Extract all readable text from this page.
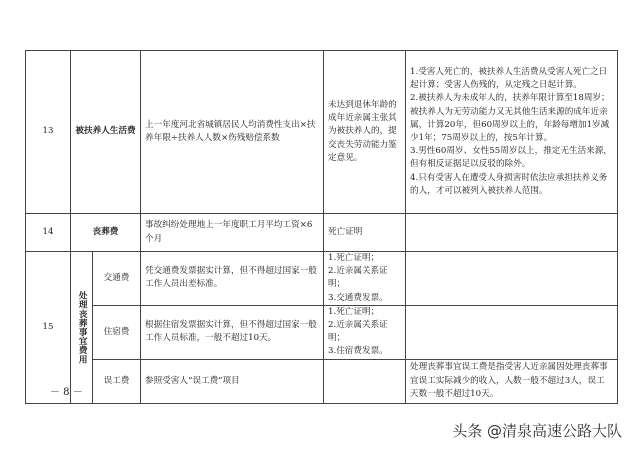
13	被扶养人生活费		上一年度河北省城镇居民人均消费性支出×扶养年限÷扶养人人数×伤残赔偿系数	未达到退休年龄的成年近亲属主张其为被扶养人的，提交丧失劳动能力鉴定意见。	1.受害人死亡的，被扶养人生活费从受害人死亡之日起计算；受害人伤残的，从定残之日起计算。
2.被扶养人为未成年人的，扶养年限计算至18周岁；被扶养人为无劳动能力又无其他生活来源的成年近亲属，计算20年，但60周岁以上的，年龄每增加1岁减少1年；75周岁以上的，按5年计算。
3.男性60周岁、女性55周岁以上，推定无生活来源，但有相反证据足以反驳的除外。
4.只有受害人在遭受人身损害时依法应承担扶养义务的人，才可以被列入被扶养人范围。

14	丧葬费		事故纠纷处理地上一年度职工月平均工资×6个月	死亡证明	
15	处理丧葬事宜费用	交通费	凭交通费发票据实计算，但不得超过国家一般工作人员出差标准。	1.死亡证明；
2.近亲属关系证明；
3.交通费发票。	

		住宿费	根据住宿发票据实计算，但不得超过国家一般工作人员标准，一般不超过10天。	1.死亡证明；
2.近亲属关系证明；
3.住宿费发票。	

		误工费	参照受害人“误工费”项目		处理丧葬事宜误工费是指受害人近亲属因处理丧葬事宜误工实际减少的收入，人数一般不超过3人，误工天数一般不超过10天。
－ 8 －
头条 @清泉高速公路大队
